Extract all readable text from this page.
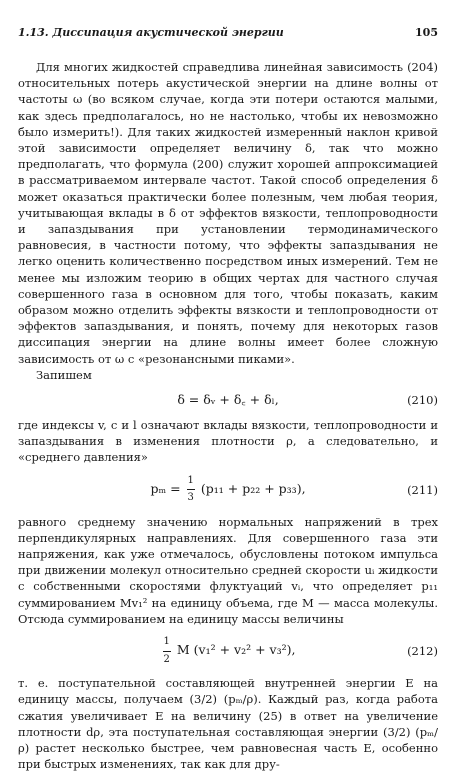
1.13. Диссипация акустической энергии	105

Для многих жидкостей справедлива линейная зависимость (204) относительных потерь акустической энергии на длине волны от частоты ω (во всяком случае, когда эти потери остаются малыми, как здесь предполагалось, но не настолько, чтобы их невозможно было измерить!). Для таких жидкостей измеренный наклон кривой этой зависимости определяет величину δ, так что можно предполагать, что формула (200) служит хорошей аппроксимацией в рассматриваемом интервале частот. Такой способ определения δ может оказаться практически более полезным, чем любая теория, учитывающая вклады в δ от эффектов вязкости, теплопроводности и запаздывания при установлении термодинамического равновесия, в частности потому, что эффекты запаздывания не легко оценить количественно посредством иных измерений. Тем не менее мы изложим теорию в общих чертах для частного случая совершенного газа в основном для того, чтобы показать, каким образом можно отделить эффекты вязкости и теплопроводности от эффектов запаздывания, и понять, почему для некоторых газов диссипация энергии на длине волны имеет более сложную зависимость от ω с «резонансными пиками».

Запишем

δ = δᵥ + δ꜀ + δₗ,	(210)

где индексы v, c и l означают вклады вязкости, теплопроводности и запаздывания в изменения плотности ρ, а следовательно, и «среднего давления»

$p_m = \frac{1}{3} (p_{11} + p_{22} + p_{33})$,	(211)

равного среднему значению нормальных напряжений в трех перпендикулярных направлениях. Для совершенного газа эти напряжения, как уже отмечалось, обусловлены потоком импульса при движении молекул относительно средней скорости uᵢ жидкости с собственными скоростями флуктуаций vᵢ, что определяет p₁₁ суммированием Mv₁² на единицу объема, где M — масса молекулы. Отсюда суммированием на единицу массы величины

$\frac{1}{2}$ M (v₁² + v₂² + v₃²),	(212)

т. е. поступательной составляющей внутренней энергии E на единицу массы, получаем (3/2) (pₘ/ρ). Каждый раз, когда работа сжатия увеличивает E на величину (25) в ответ на увеличение плотности dρ, эта поступательная составляющая энергии (3/2) (pₘ/ρ) растет несколько быстрее, чем равновесная часть E, особенно при быстрых изменениях, так как для дру-
